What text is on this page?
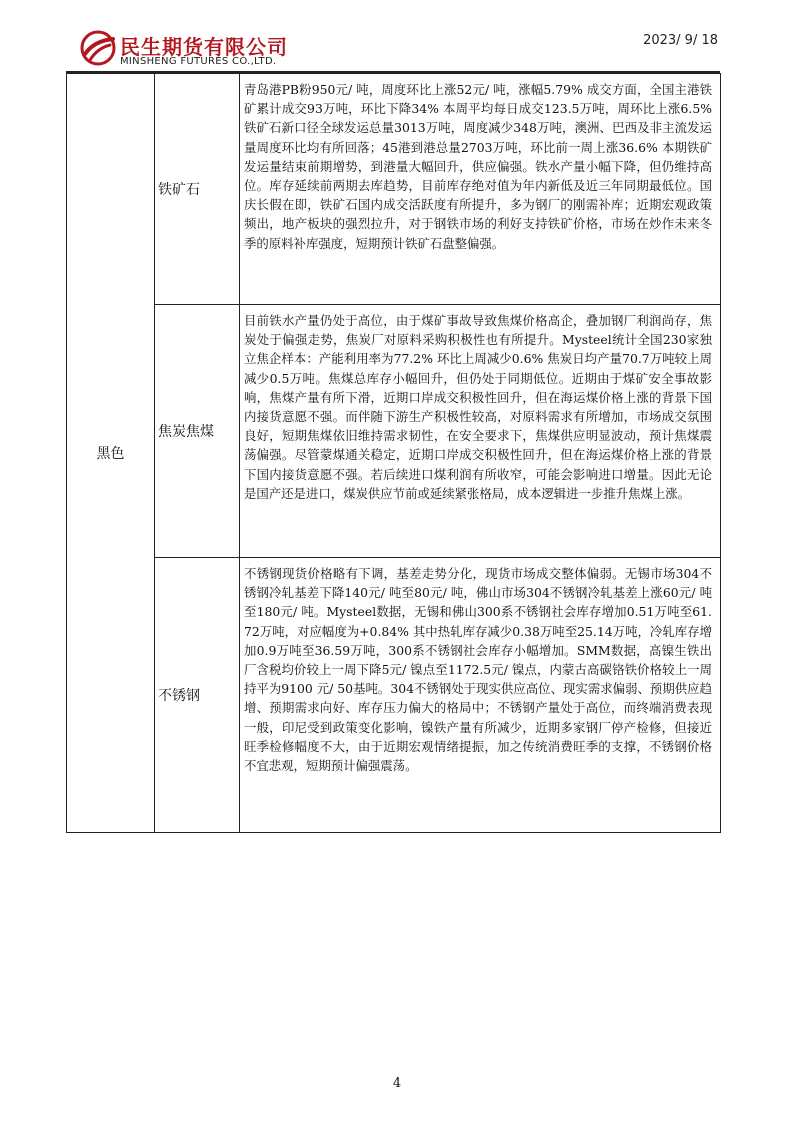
民生期货有限公司
MINSHENG FUTURES CO.,LTD.
2023/ 9/ 18
黑色	铁矿石	青岛港PB粉950元/ 吨，周度环比上涨52元/ 吨，涨幅5.79% 成交方面，全国主港铁矿累计成交93万吨，环比下降34% 本周平均每日成交123.5万吨，周环比上涨6.5% 铁矿石新口径全球发运总量3013万吨，周度减少348万吨，澳洲、巴西及非主流发运量周度环比均有所回落；45港到港总量2703万吨，环比前一周上涨36.6% 本期铁矿发运量结束前期增势，到港量大幅回升，供应偏强。铁水产量小幅下降，但仍维持高位。库存延续前两期去库趋势，目前库存绝对值为年内新低及近三年同期最低位。国庆长假在即，铁矿石国内成交活跃度有所提升，多为钢厂的刚需补库；近期宏观政策频出，地产板块的强烈拉升，对于钢铁市场的利好支持铁矿价格，市场在炒作未来冬季的原料补库强度，短期预计铁矿石盘整偏强。
	焦炭焦煤	目前铁水产量仍处于高位，由于煤矿事故导致焦煤价格高企，叠加钢厂利润尚存，焦炭处于偏强走势，焦炭厂对原料采购积极性也有所提升。Mysteel统计全国230家独立焦企样本：产能利用率为77.2% 环比上周减少0.6% 焦炭日均产量70.7万吨较上周减少0.5万吨。焦煤总库存小幅回升，但仍处于同期低位。近期由于煤矿安全事故影响，焦煤产量有所下滑，近期口岸成交积极性回升，但在海运煤价格上涨的背景下国内接货意愿不强。而伴随下游生产积极性较高，对原料需求有所增加，市场成交氛围良好，短期焦煤依旧维持需求韧性，在安全要求下，焦煤供应明显波动，预计焦煤震荡偏强。尽管蒙煤通关稳定，近期口岸成交积极性回升，但在海运煤价格上涨的背景下国内接货意愿不强。若后续进口煤利润有所收窄，可能会影响进口增量。因此无论是国产还是进口，煤炭供应节前或延续紧张格局，成本逻辑进一步推升焦煤上涨。
	不锈钢	不锈钢现货价格略有下调，基差走势分化，现货市场成交整体偏弱。无锡市场304不锈钢冷轧基差下降140元/ 吨至80元/ 吨，佛山市场304不锈钢冷轧基差上涨60元/ 吨至180元/ 吨。Mysteel数据，无锡和佛山300系不锈钢社会库存增加0.51万吨至61.72万吨，对应幅度为+0.84% 其中热轧库存减少0.38万吨至25.14万吨，冷轧库存增加0.9万吨至36.59万吨，300系不锈钢社会库存小幅增加。SMM数据，高镍生铁出厂含税均价较上一周下降5元/ 镍点至1172.5元/ 镍点，内蒙古高碳铬铁价格较上一周持平为9100 元/ 50基吨。304不锈钢处于现实供应高位、现实需求偏弱、预期供应趋增、预期需求向好、库存压力偏大的格局中；不锈钢产量处于高位，而终端消费表现一般，印尼受到政策变化影响，镍铁产量有所减少，近期多家钢厂停产检修，但接近旺季检修幅度不大，由于近期宏观情绪提振，加之传统消费旺季的支撑，不锈钢价格不宜悲观，短期预计偏强震荡。
4
